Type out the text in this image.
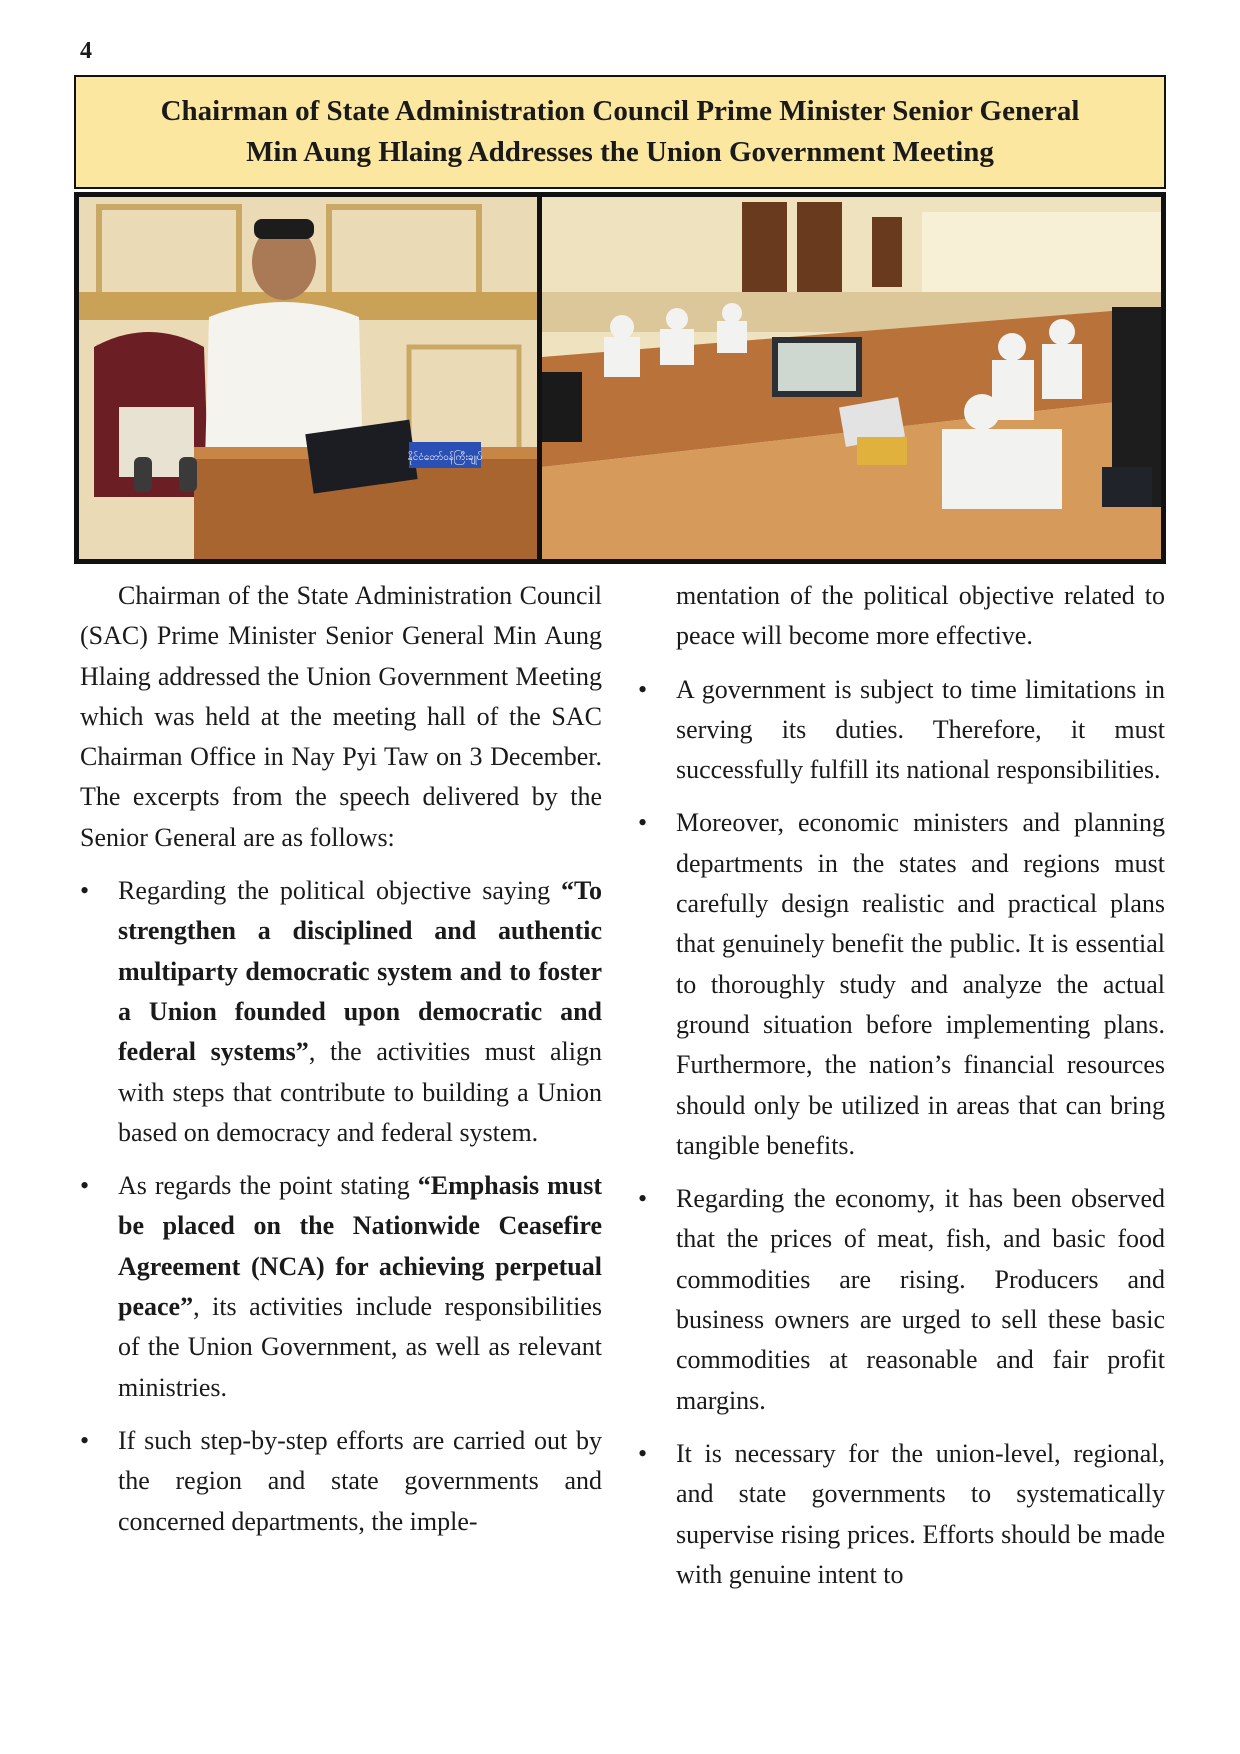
4
Chairman of State Administration Council Prime Minister Senior General
Min Aung Hlaing Addresses the Union Government Meeting
နိုင်ငံတော်ဝန်ကြီးချုပ်

Chairman of the State Administration Council (SAC) Prime Minister Senior General Min Aung Hlaing addressed the Union Government Meeting which was held at the meeting hall of the SAC Chairman Office in Nay Pyi Taw on 3 December. The excerpts from the speech delivered by the Senior General are as follows:

• Regarding the political objective saying “To strengthen a disciplined and authentic multiparty democratic system and to foster a Union founded upon democratic and federal systems”, the activities must align with steps that contribute to building a Union based on democracy and federal system.
• As regards the point stating “Emphasis must be placed on the Nationwide Ceasefire Agreement (NCA) for achieving perpetual peace”, its activities include responsibilities of the Union Government, as well as relevant ministries.
• If such step-by-step efforts are carried out by the region and state governments and concerned departments, the imple-
mentation of the political objective related to peace will become more effective.
• A government is subject to time limitations in serving its duties. Therefore, it must successfully fulfill its national responsibilities.
• Moreover, economic ministers and planning departments in the states and regions must carefully design realistic and practical plans that genuinely benefit the public. It is essential to thoroughly study and analyze the actual ground situation before implementing plans. Furthermore, the nation’s financial resources should only be utilized in areas that can bring tangible benefits.
• Regarding the economy, it has been observed that the prices of meat, fish, and basic food commodities are rising. Producers and business owners are urged to sell these basic commodities at reasonable and fair profit margins.
• It is necessary for the union-level, regional, and state governments to systematically supervise rising prices. Efforts should be made with genuine intent to
